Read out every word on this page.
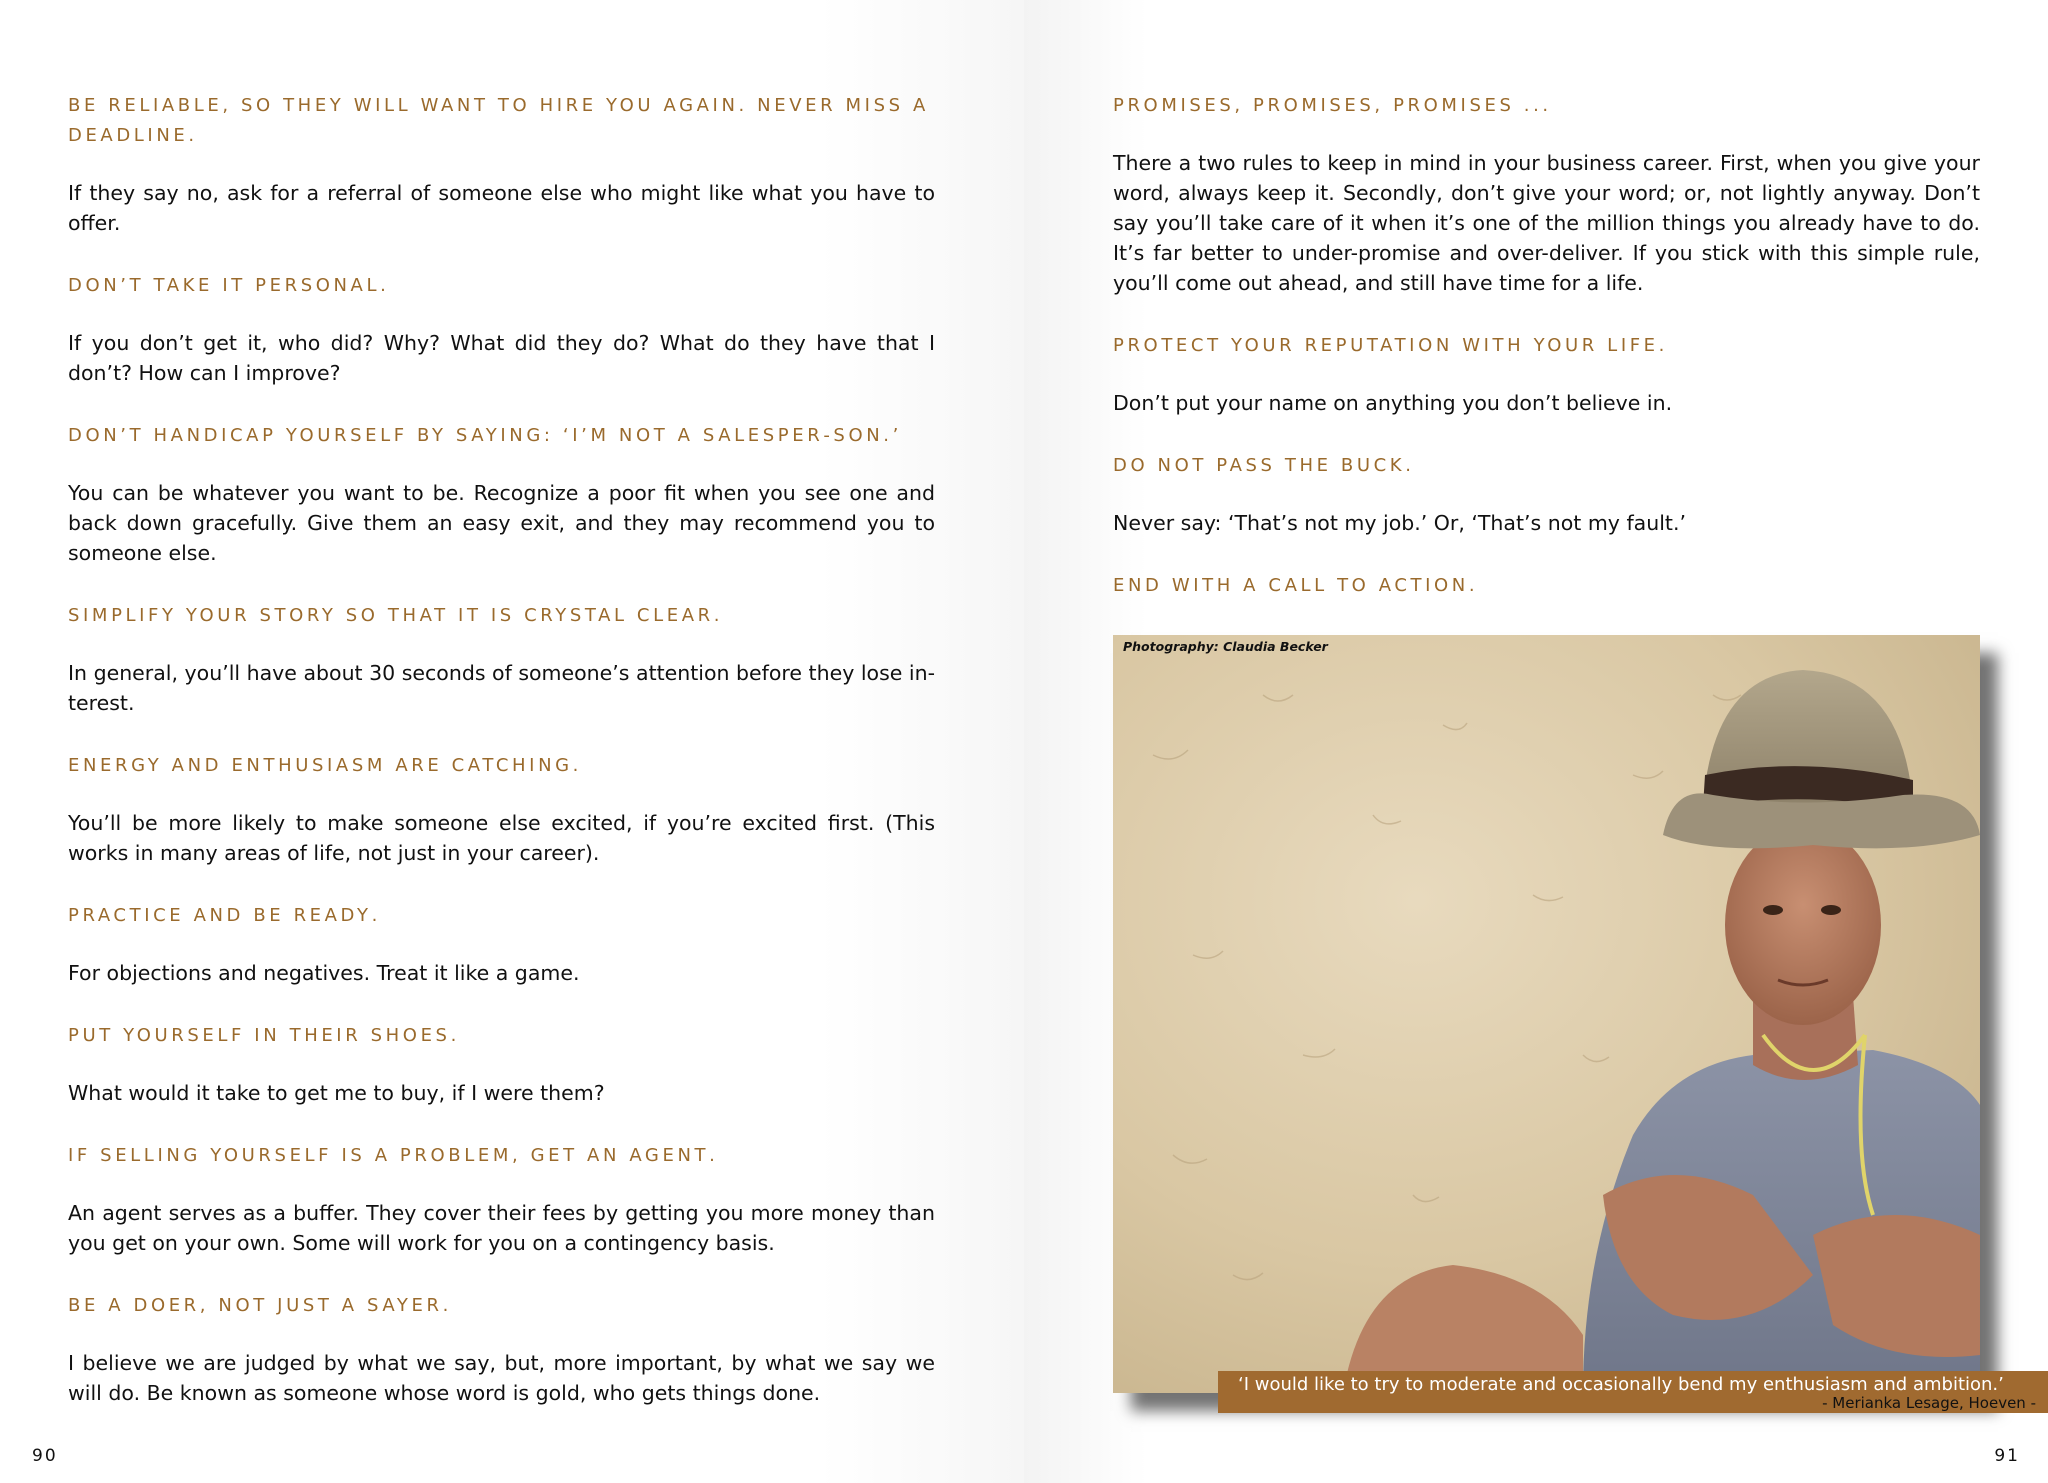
be reliable, so they will want to hire you again. never miss a deadline.
If they say no, ask for a referral of someone else who might like what you have to offer.
don’t take it personal.
If you don’t get it, who did? Why? What did they do? What do they have that I don’t? How can I improve?
don’t handicap yourself by saying: ‘i’m not a salesper-son.’
You can be whatever you want to be. Recognize a poor fit when you see one and back down gracefully. Give them an easy exit, and they may recommend you to someone else.
simplify your story so that it is crystal clear.
In general, you’ll have about 30 seconds of someone’s attention before they lose in-terest.
energy and enthusiasm are catching.
You’ll be more likely to make someone else excited, if you’re excited first. (This works in many areas of life, not just in your career).
practice and be ready.
For objections and negatives. Treat it like a game.
put yourself in their shoes.
What would it take to get me to buy, if I were them?
if selling yourself is a problem, get an agent.
An agent serves as a buffer. They cover their fees by getting you more money than you get on your own. Some will work for you on a contingency basis.
be a doer, not just a sayer.
I believe we are judged by what we say, but, more important, by what we say we will do. Be known as someone whose word is gold, who gets things done.
promises, promises, promises ...
There a two rules to keep in mind in your business career. First, when you give your word, always keep it. Secondly, don’t give your word; or, not lightly anyway. Don’t say you’ll take care of it when it’s one of the million things you already have to do. It’s far better to under-promise and over-deliver. If you stick with this simple rule, you’ll come out ahead, and still have time for a life.
protect your reputation with your life.
Don’t put your name on anything you don’t believe in.
do not pass the buck.
Never say: ‘That’s not my job.’ Or, ‘That’s not my fault.’
end with a call to action.
Photography: Claudia Becker
‘I would like to try to moderate and occasionally bend my enthusiasm and ambition.’
- Merianka Lesage, Hoeven -
90	91
